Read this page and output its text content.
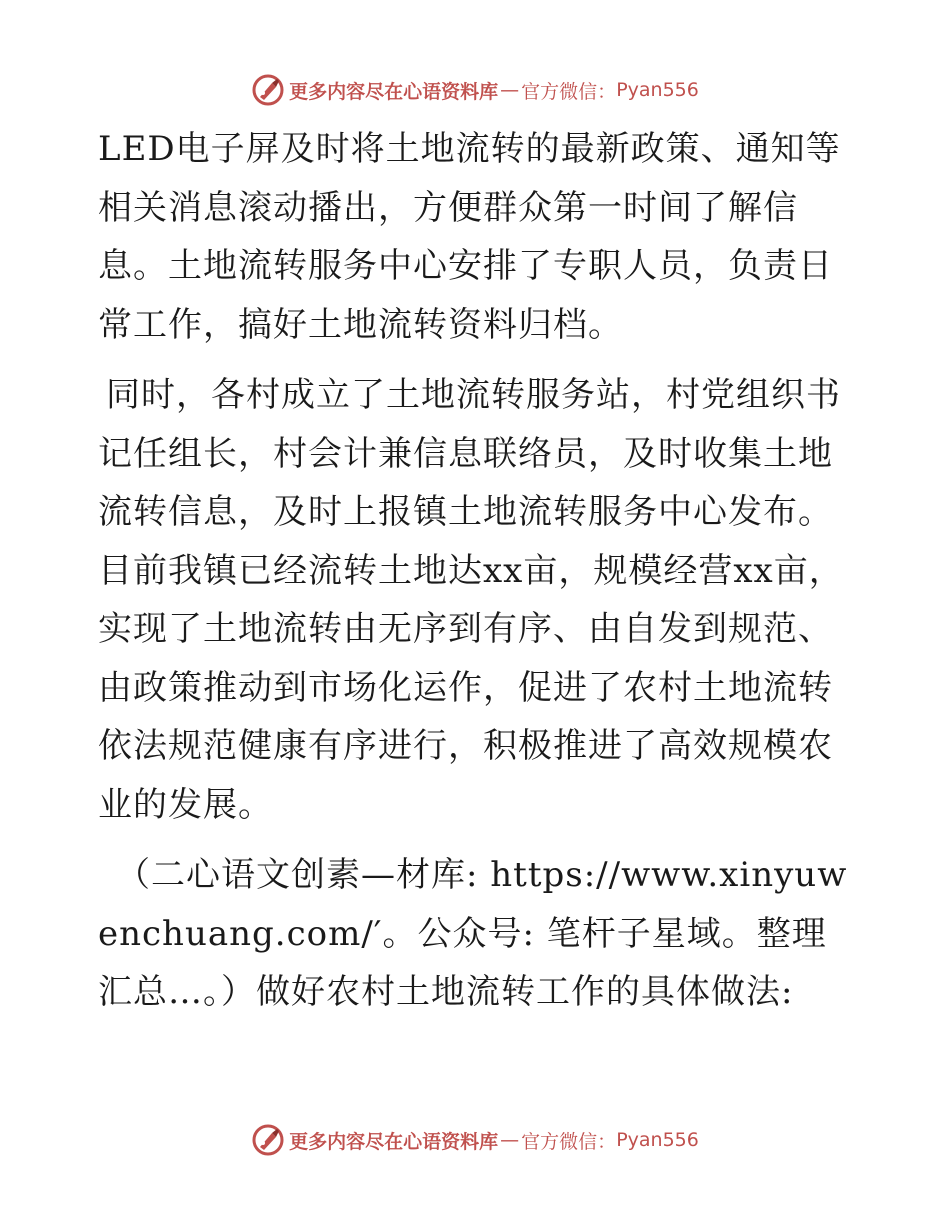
更多内容尽在心语资料库 — 官方微信： Pyan556

LED电子屏及时将土地流转的最新政策、通知等相关消息滚动播出，方便群众第一时间了解信息。土地流转服务中心安排了专职人员，负责日常工作，搞好土地流转资料归档。

同时，各村成立了土地流转服务站，村党组织书记任组长，村会计兼信息联络员，及时收集土地流转信息，及时上报镇土地流转服务中心发布。目前我镇已经流转土地达xx亩，规模经营xx亩，实现了土地流转由无序到有序、由自发到规范、由政策推动到市场化运作，促进了农村土地流转依法规范健康有序进行，积极推进了高效规模农业的发展。

（二心语文创素—材库: https://www.xinyuwenchuang.com/′。公众号: 笔杆子星域。整理汇总…。）做好农村土地流转工作的具体做法:

更多内容尽在心语资料库 — 官方微信： Pyan556
